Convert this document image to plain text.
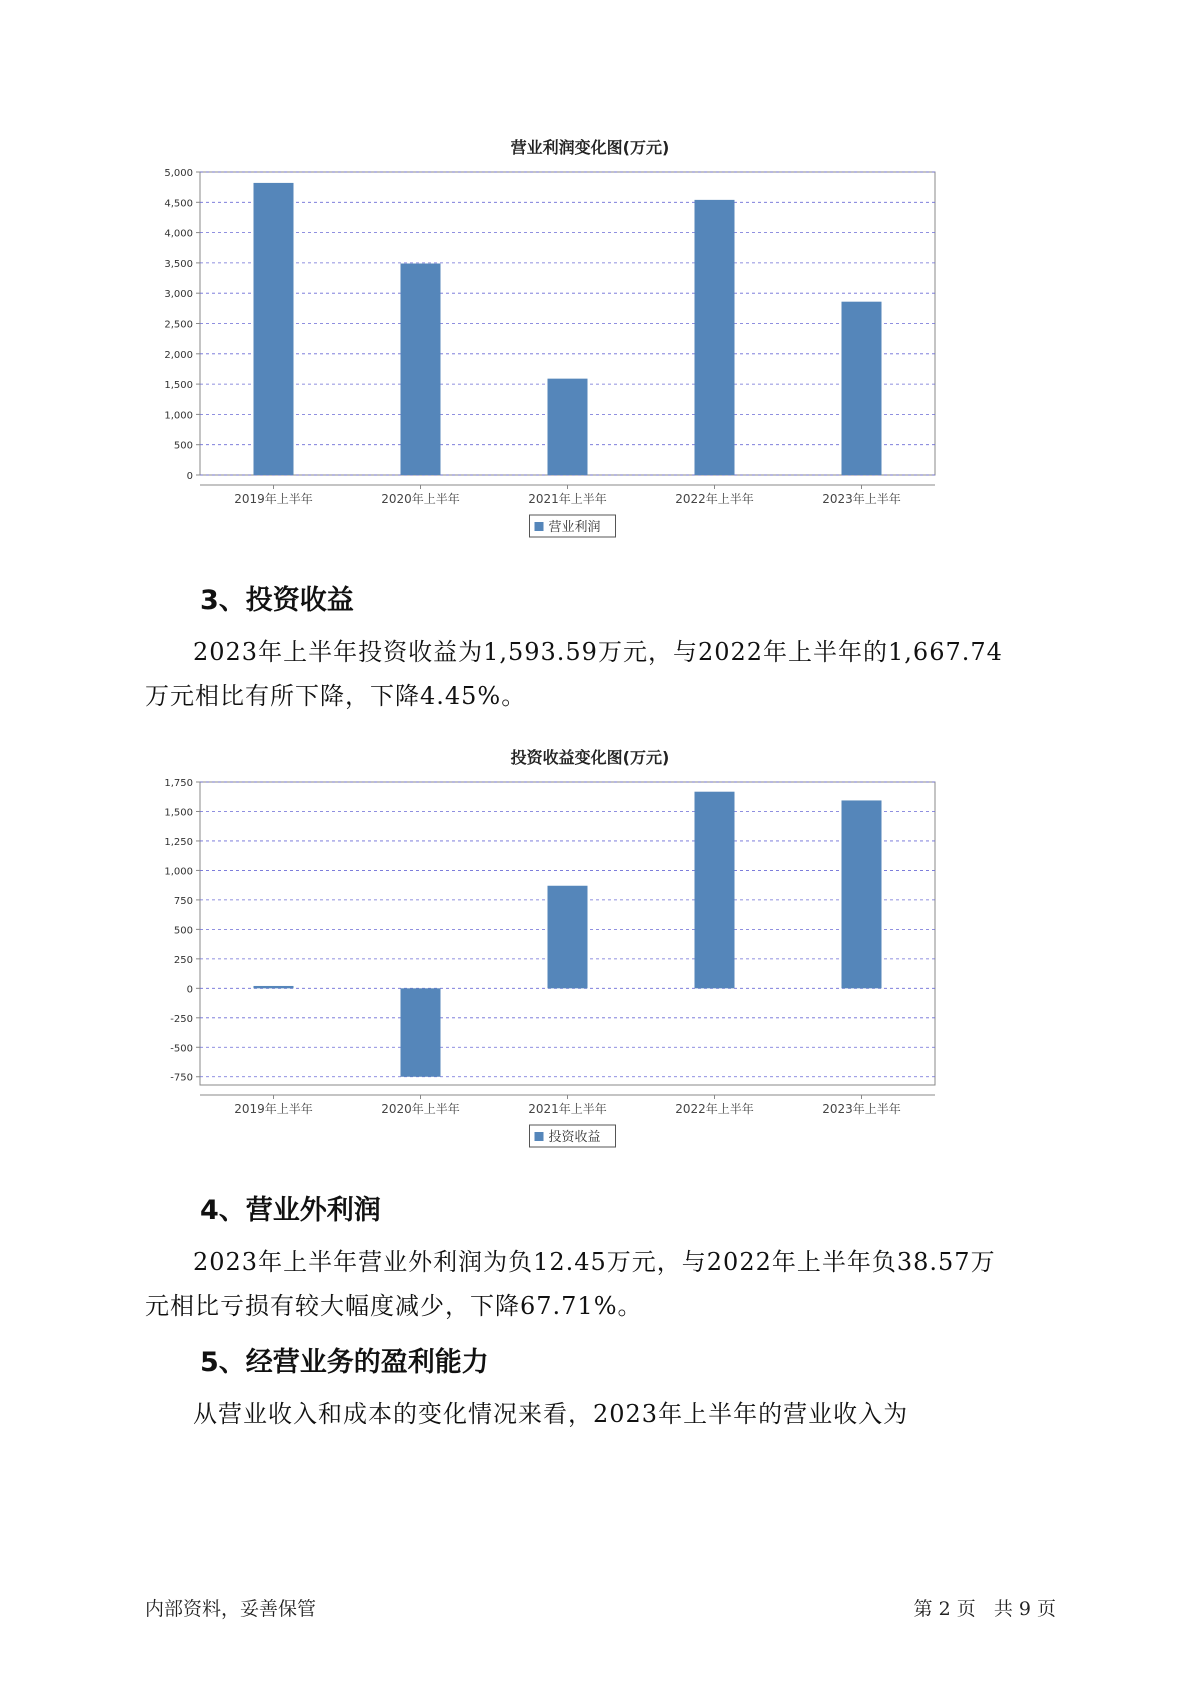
营业利润变化图(万元)
0
500
1,000
1,500
2,000
2,500
3,000
3,500
4,000
4,500
5,000
2019年上半年	2020年上半年	2021年上半年	2022年上半年	2023年上半年
营业利润
3、投资收益
2023年上半年投资收益为1,593.59万元，与2022年上半年的1,667.74
万元相比有所下降，下降4.45%。
投资收益变化图(万元)
-750
-500
-250
0
250
500
750
1,000
1,250
1,500
1,750
2019年上半年	2020年上半年	2021年上半年	2022年上半年	2023年上半年
投资收益
4、营业外利润
2023年上半年营业外利润为负12.45万元，与2022年上半年负38.57万
元相比亏损有较大幅度减少，下降67.71%。
5、经营业务的盈利能力
从营业收入和成本的变化情况来看，2023年上半年的营业收入为
内部资料，妥善保管	第 2 页   共 9 页
